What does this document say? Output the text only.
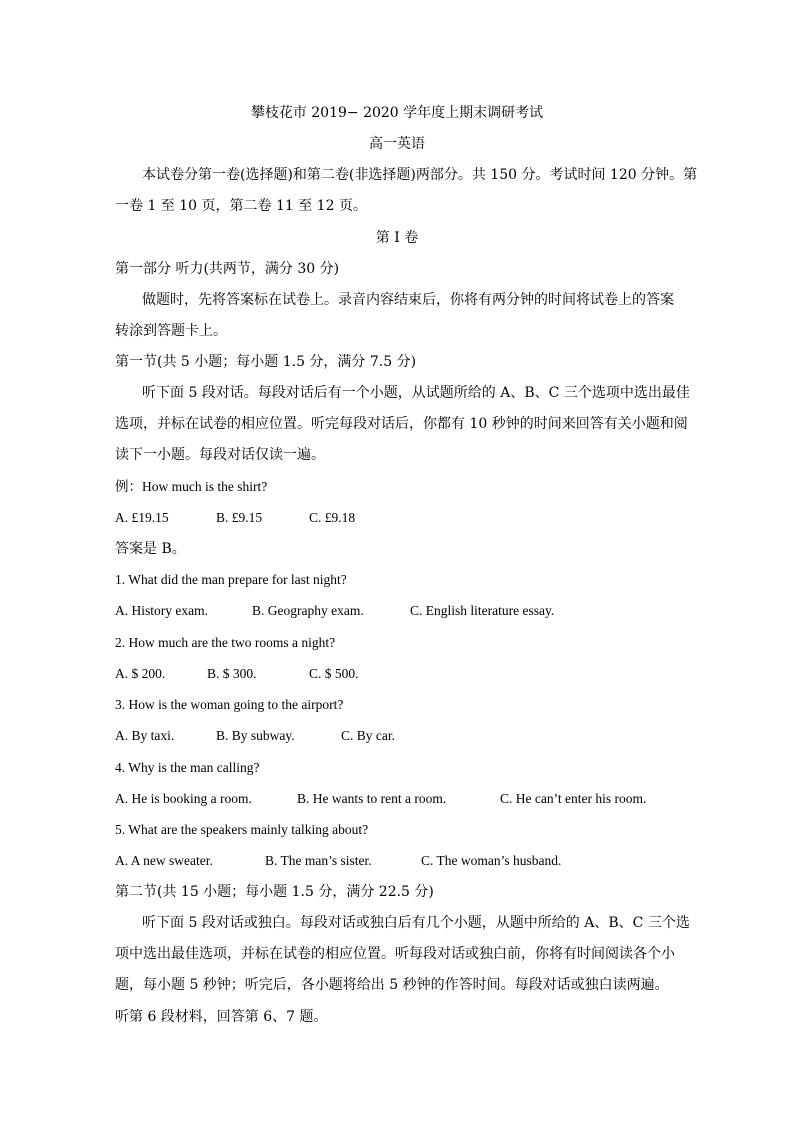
攀枝花市 2019− 2020 学年度上期末调研考试
高一英语
本试卷分第一卷(选择题)和第二卷(非选择题)两部分。共 150 分。考试时间 120 分钟。第
一卷 1 至 10 页，第二卷 11 至 12 页。
第 I 卷
第一部分 听力(共两节，满分 30 分)
做题时，先将答案标在试卷上。录音内容结束后，你将有两分钟的时间将试卷上的答案
转涂到答题卡上。
第一节(共 5 小题；每小题 1.5 分，满分 7.5 分)
听下面 5 段对话。每段对话后有一个小题，从试题所给的 A、B、C 三个选项中选出最佳
选项，并标在试卷的相应位置。听完每段对话后，你都有 10 秒钟的时间来回答有关小题和阅
读下一小题。每段对话仅读一遍。
例：How much is the shirt?
A. £19.15	B. £9.15	C. £9.18
答案是 B。
1. What did the man prepare for last night?
A. History exam.	B. Geography exam.	C. English literature essay.
2. How much are the two rooms a night?
A. $ 200.	B. $ 300.	C. $ 500.
3. How is the woman going to the airport?
A. By taxi.	B. By subway.	C. By car.
4. Why is the man calling?
A. He is booking a room.	B. He wants to rent a room.	C. He can’t enter his room.
5. What are the speakers mainly talking about?
A. A new sweater.	B. The man’s sister.	C. The woman’s husband.
第二节(共 15 小题；每小题 1.5 分，满分 22.5 分)
听下面 5 段对话或独白。每段对话或独白后有几个小题，从题中所给的 A、B、C 三个选
项中选出最佳选项，并标在试卷的相应位置。听每段对话或独白前，你将有时间阅读各个小
题，每小题 5 秒钟；听完后，各小题将给出 5 秒钟的作答时间。每段对话或独白读两遍。
听第 6 段材料，回答第 6、7 题。
